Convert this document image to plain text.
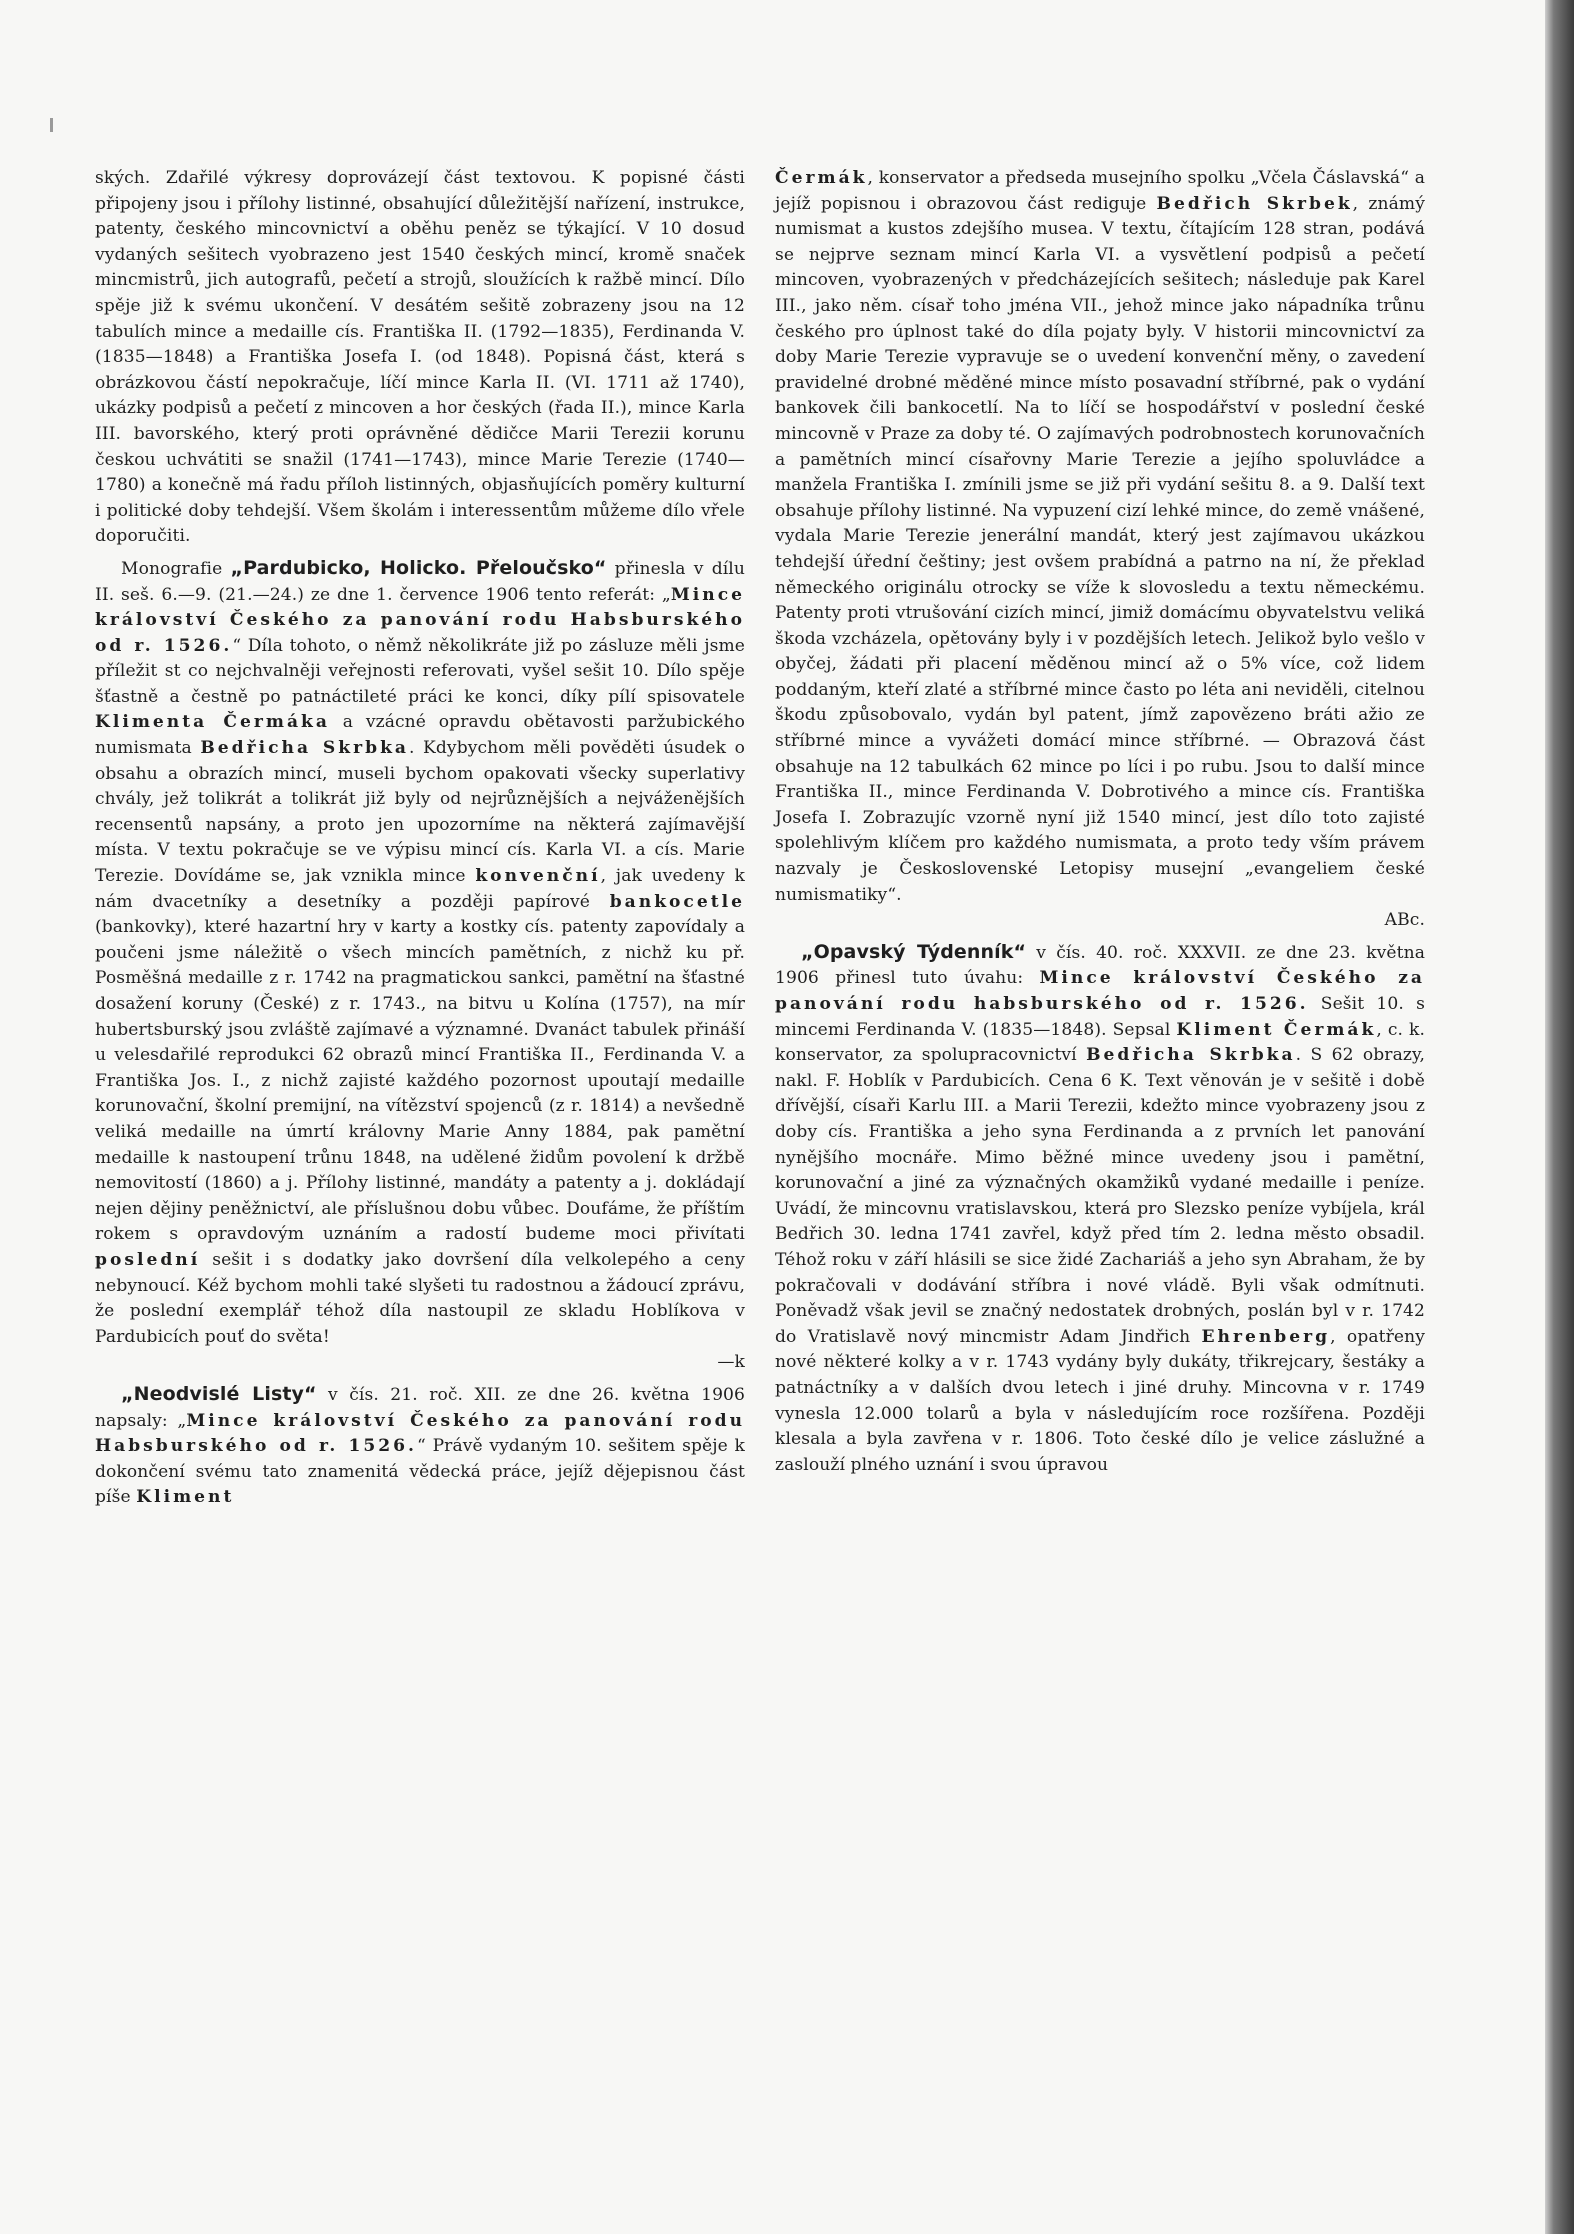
ských. Zdařilé výkresy doprovázejí část textovou. K popisné části připojeny jsou i přílohy listinné, obsahující důležitější nařízení, instrukce, patenty, českého mincovnictví a oběhu peněz se týkající. V 10 dosud vydaných sešitech vyobrazeno jest 1540 českých mincí, kromě snaček mincmistrů, jich autografů, pečetí a strojů, sloužících k ražbě mincí. Dílo spěje již k svému ukončení. V desátém sešitě zobrazeny jsou na 12 tabulích mince a medaille cís. Františka II. (1792—1835), Ferdinanda V. (1835—1848) a Františka Josefa I. (od 1848). Popisná část, která s obrázkovou částí nepokračuje, líčí mince Karla II. (VI. 1711 až 1740), ukázky podpisů a pečetí z mincoven a hor českých (řada II.), mince Karla III. bavorského, který proti oprávněné dědičce Marii Terezii korunu českou uchvátiti se snažil (1741—1743), mince Marie Terezie (1740—1780) a konečně má řadu příloh listinných, objasňujících poměry kulturní i politické doby tehdejší. Všem školám i interessentům můžeme dílo vřele doporučiti.

Monografie „Pardubicko, Holicko. Přeloučsko“ přinesla v dílu II. seš. 6.—9. (21.—24.) ze dne 1. července 1906 tento referát: „Mince království Českého za panování rodu Habsburského od r. 1526.“ Díla tohoto, o němž několikráte již po zásluze měli jsme příležit st co nejchvalněji veřejnosti referovati, vyšel sešit 10. Dílo spěje šťastně a čestně po patnáctileté práci ke konci, díky pílí spisovatele Klimenta Čermáka a vzácné opravdu obětavosti paržubického numismata Bedřicha Skrbka. Kdybychom měli pověděti úsudek o obsahu a obrazích mincí, museli bychom opakovati všecky superlativy chvály, jež tolikrát a tolikrát již byly od nejrůznějších a nejváženějších recensentů napsány, a proto jen upozorníme na některá zajímavější místa. V textu pokračuje se ve výpisu mincí cís. Karla VI. a cís. Marie Terezie. Dovídáme se, jak vznikla mince konvenční, jak uvedeny k nám dvacetníky a desetníky a později papírové bankocetle (bankovky), které hazartní hry v karty a kostky cís. patenty zapovídaly a poučeni jsme náležitě o všech mincích pamětních, z nichž ku př. Posměšná medaille z r. 1742 na pragmatickou sankci, pamětní na šťastné dosažení koruny (České) z r. 1743., na bitvu u Kolína (1757), na mír hubertsburský jsou zvláště zajímavé a významné. Dvanáct tabulek přináší u velesdařilé reprodukci 62 obrazů mincí Františka II., Ferdinanda V. a Františka Jos. I., z nichž zajisté každého pozornost upoutají medaille korunovační, školní premijní, na vítězství spojenců (z r. 1814) a nevšedně veliká medaille na úmrtí královny Marie Anny 1884, pak pamětní medaille k nastoupení trůnu 1848, na udělené židům povolení k držbě nemovitostí (1860) a j. Přílohy listinné, mandáty a patenty a j. dokládají nejen dějiny peněžnictví, ale příslušnou dobu vůbec. Doufáme, že příštím rokem s opravdovým uznáním a radostí budeme moci přivítati poslední sešit i s dodatky jako dovršení díla velkolepého a ceny nebynoucí. Kéž bychom mohli také slyšeti tu radostnou a žádoucí zprávu, že poslední exemplář téhož díla nastoupil ze skladu Hoblíkova v Pardubicích pouť do světa!
—k

„Neodvislé Listy“ v čís. 21. roč. XII. ze dne 26. května 1906 napsaly: „Mince království Českého za panování rodu Habsburského od r. 1526.“ Právě vydaným 10. sešitem spěje k dokončení svému tato znamenitá vědecká práce, jejíž dějepisnou část píše Kliment

Čermák, konservator a předseda musejního spolku „Včela Čáslavská“ a jejíž popisnou i obrazovou část rediguje Bedřich Skrbek, známý numismat a kustos zdejšího musea. V textu, čítajícím 128 stran, podává se nejprve seznam mincí Karla VI. a vysvětlení podpisů a pečetí mincoven, vyobrazených v předcházejících sešitech; následuje pak Karel III., jako něm. císař toho jména VII., jehož mince jako nápadníka trůnu českého pro úplnost také do díla pojaty byly. V historii mincovnictví za doby Marie Terezie vypravuje se o uvedení konvenční měny, o zavedení pravidelné drobné měděné mince místo posavadní stříbrné, pak o vydání bankovek čili bankocetlí. Na to líčí se hospodářství v poslední české mincovně v Praze za doby té. O zajímavých podrobnostech korunovačních a pamětních mincí císařovny Marie Terezie a jejího spoluvládce a manžela Františka I. zmínili jsme se již při vydání sešitu 8. a 9. Další text obsahuje přílohy listinné. Na vypuzení cizí lehké mince, do země vnášené, vydala Marie Terezie jenerální mandát, který jest zajímavou ukázkou tehdejší úřední češtiny; jest ovšem prabídná a patrno na ní, že překlad německého originálu otrocky se víže k slovosledu a textu německému. Patenty proti vtrušování cizích mincí, jimiž domácímu obyvatelstvu veliká škoda vzcházela, opětovány byly i v pozdějších letech. Jelikož bylo vešlo v obyčej, žádati při placení měděnou mincí až o 5% více, což lidem poddaným, kteří zlaté a stříbrné mince často po léta ani neviděli, citelnou škodu způsobovalo, vydán byl patent, jímž zapovězeno bráti ažio ze stříbrné mince a vyvážeti domácí mince stříbrné. — Obrazová část obsahuje na 12 tabulkách 62 mince po líci i po rubu. Jsou to další mince Františka II., mince Ferdinanda V. Dobrotivého a mince cís. Františka Josefa I. Zobrazujíc vzorně nyní již 1540 mincí, jest dílo toto zajisté spolehlivým klíčem pro každého numismata, a proto tedy vším právem nazvaly je Československé Letopisy musejní „evangeliem české numismatiky“.
ABc.

„Opavský Týdenník“ v čís. 40. roč. XXXVII. ze dne 23. května 1906 přinesl tuto úvahu: Mince království Českého za panování rodu habsburského od r. 1526. Sešit 10. s mincemi Ferdinanda V. (1835—1848). Sepsal Kliment Čermák, c. k. konservator, za spolupracovnictví Bedřicha Skrbka. S 62 obrazy, nakl. F. Hoblík v Pardubicích. Cena 6 K. Text věnován je v sešitě i době dřívější, císaři Karlu III. a Marii Terezii, kdežto mince vyobrazeny jsou z doby cís. Františka a jeho syna Ferdinanda a z prvních let panování nynějšího mocnáře. Mimo běžné mince uvedeny jsou i pamětní, korunovační a jiné za význačných okamžiků vydané medaille i peníze. Uvádí, že mincovnu vratislavskou, která pro Slezsko peníze vybíjela, král Bedřich 30. ledna 1741 zavřel, když před tím 2. ledna město obsadil. Téhož roku v září hlásili se sice židé Zachariáš a jeho syn Abraham, že by pokračovali v dodávání stříbra i nové vládě. Byli však odmítnuti. Poněvadž však jevil se značný nedostatek drobných, poslán byl v r. 1742 do Vratislavě nový mincmistr Adam Jindřich Ehrenberg, opatřeny nové některé kolky a v r. 1743 vydány byly dukáty, třikrejcary, šestáky a patnáctníky a v dalších dvou letech i jiné druhy. Mincovna v r. 1749 vynesla 12.000 tolarů a byla v následujícím roce rozšířena. Později klesala a byla zavřena v r. 1806. Toto české dílo je velice záslužné a zaslouží plného uznání i svou úpravou
